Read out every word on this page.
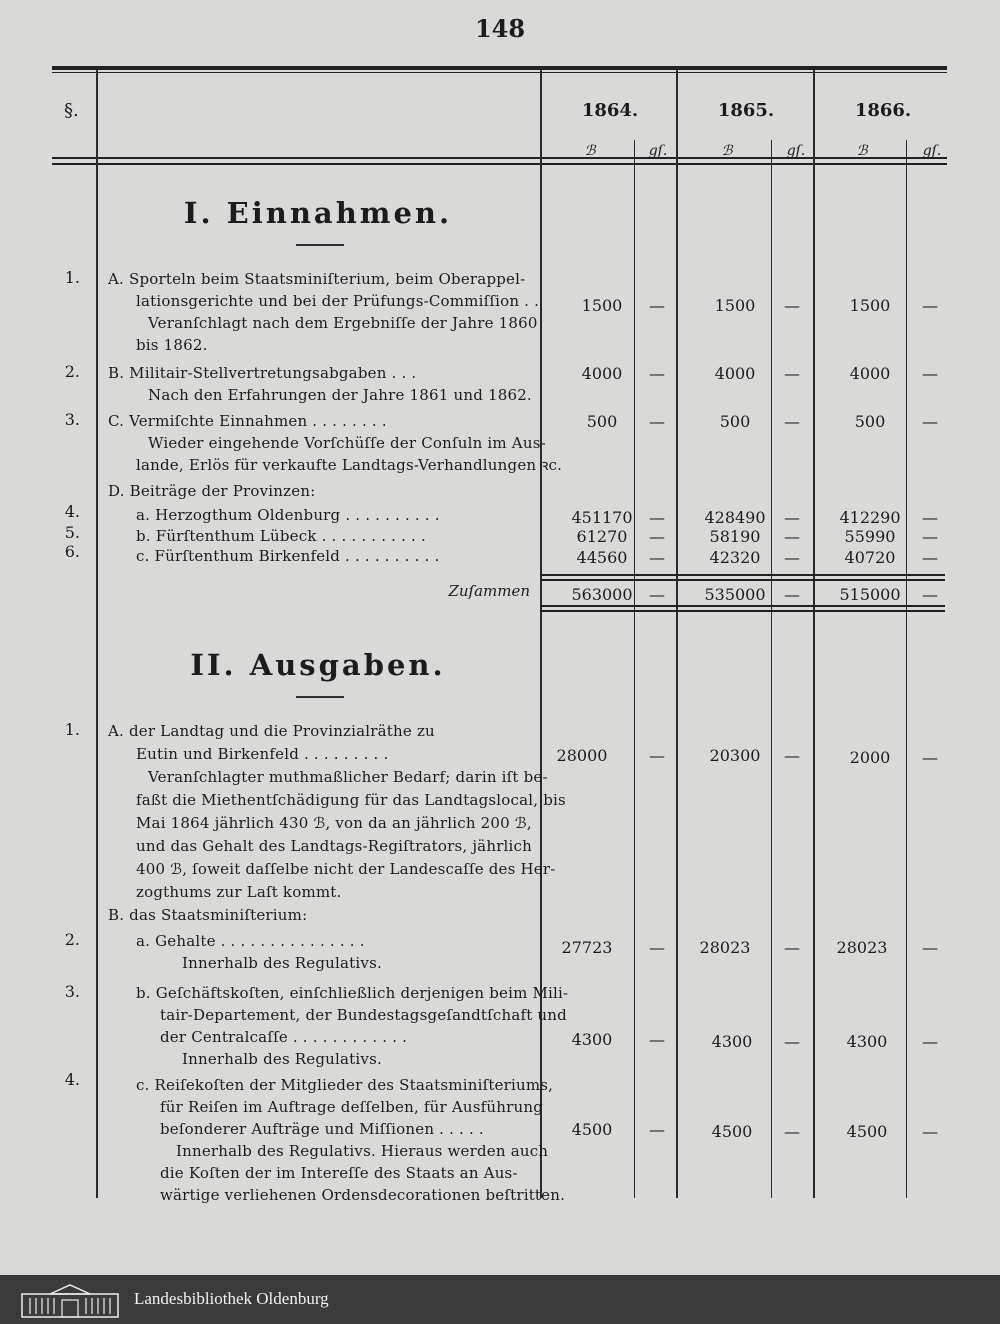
148
§.	1864.	1865.	1866.
ℬ	gſ.	ℬ	gſ.	ℬ	gſ.
I. Einnahmen.
1. A. Sporteln beim Staatsminiſterium, beim Oberappel-
lationsgerichte und bei der Prüfungs-Commiſſion . .
Veranſchlagt nach dem Ergebniſſe der Jahre 1860
bis 1862.
1500	—	1500	—	1500	—
2. B. Militair-Stellvertretungsabgaben . . .
Nach den Erfahrungen der Jahre 1861 und 1862.
4000	—	4000	—	4000	—
3. C. Vermiſchte Einnahmen . . . . . . . .
Wieder eingehende Vorſchüſſe der Conſuln im Aus-
lande, Erlös für verkaufte Landtags-Verhandlungen ꝛc.
500	—	500	—	500	—
D. Beiträge der Provinzen:
4.	a. Herzogthum Oldenburg . . . . . . . . . .	451170	—	428490	—	412290	—
5.	b. Fürſtenthum Lübeck . . . . . . . . . . .	61270	—	58190	—	55990	—
6.	c. Fürſtenthum Birkenfeld . . . . . . . . . .	44560	—	42320	—	40720	—
Zuſammen	563000	—	535000	—	515000	—
II. Ausgaben.
1. A. der Landtag und die Provinzialräthe zu
Eutin und Birkenfeld . . . . . . . . .
Veranſchlagter muthmaßlicher Bedarf; darin iſt be-
faßt die Miethentſchädigung für das Landtagslocal, bis
Mai 1864 jährlich 430 ℬ, von da an jährlich 200 ℬ,
und das Gehalt des Landtags-Regiſtrators, jährlich
400 ℬ, ſoweit daſſelbe nicht der Landescaſſe des Her-
zogthums zur Laſt kommt.
28000	—	20300	—	2000	—
B. das Staatsminiſterium:
2.	a. Gehalte . . . . . . . . . . . . . . .
Innerhalb des Regulativs.
27723	—	28023	—	28023	—
3.	b. Geſchäftskoſten, einſchließlich derjenigen beim Mili-
tair-Departement, der Bundestagsgeſandtſchaft und
der Centralcaſſe . . . . . . . . . . . .
Innerhalb des Regulativs.
4300	—	4300	—	4300	—
4.	c. Reiſekoſten der Mitglieder des Staatsminiſteriums,
für Reiſen im Auftrage deſſelben, für Ausführung
beſonderer Aufträge und Miſſionen . . . . .
Innerhalb des Regulativs. Hieraus werden auch
die Koſten der im Intereſſe des Staats an Aus-
wärtige verliehenen Ordensdecorationen beſtritten.
4500	—	4500	—	4500	—
Landesbibliothek Oldenburg
